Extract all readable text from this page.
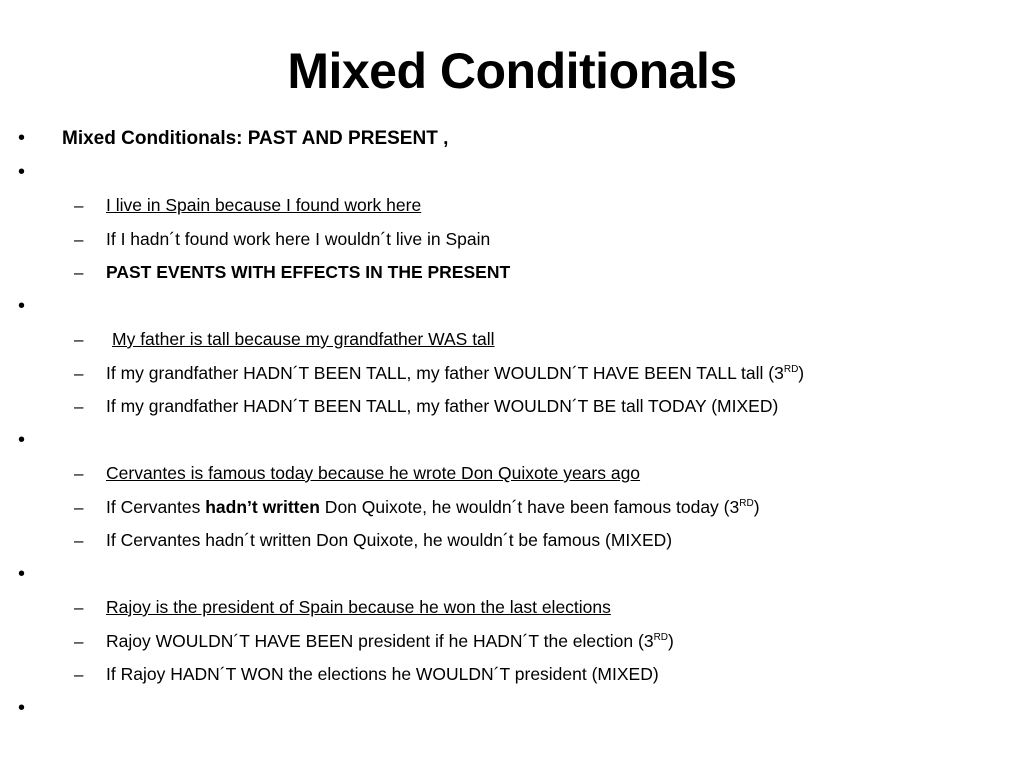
Mixed Conditionals
• Mixed Conditionals: PAST AND PRESENT ,
•
– I live in Spain because I found work here
– If I hadn´t found work here I wouldn´t live in Spain
– PAST EVENTS WITH EFFECTS IN THE PRESENT
•
– My father is tall because my grandfather WAS tall
– If my grandfather HADN´T BEEN TALL, my father WOULDN´T HAVE BEEN TALL tall (3RD)
– If my grandfather HADN´T BEEN TALL, my father WOULDN´T BE tall TODAY (MIXED)
•
– Cervantes is famous today because he wrote Don Quixote years ago
– If Cervantes hadn’t written Don Quixote, he wouldn´t have been famous today (3RD)
– If Cervantes hadn´t written Don Quixote, he wouldn´t be famous (MIXED)
•
– Rajoy is the president of Spain because he won the last elections
– Rajoy WOULDN´T HAVE BEEN president if he HADN´T the election (3RD)
– If Rajoy HADN´T WON the elections he WOULDN´T president (MIXED)
•
